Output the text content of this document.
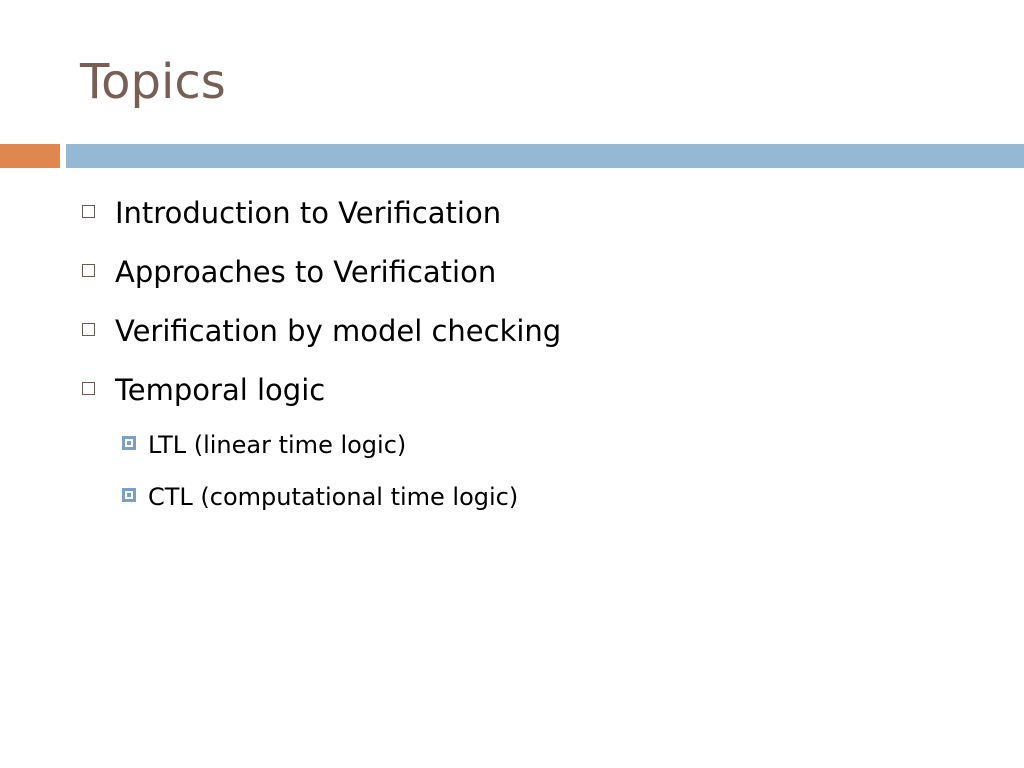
Topics
Introduction to Verification
Approaches to Verification
Verification by model checking
Temporal logic
LTL (linear time logic)
CTL (computational time logic)
